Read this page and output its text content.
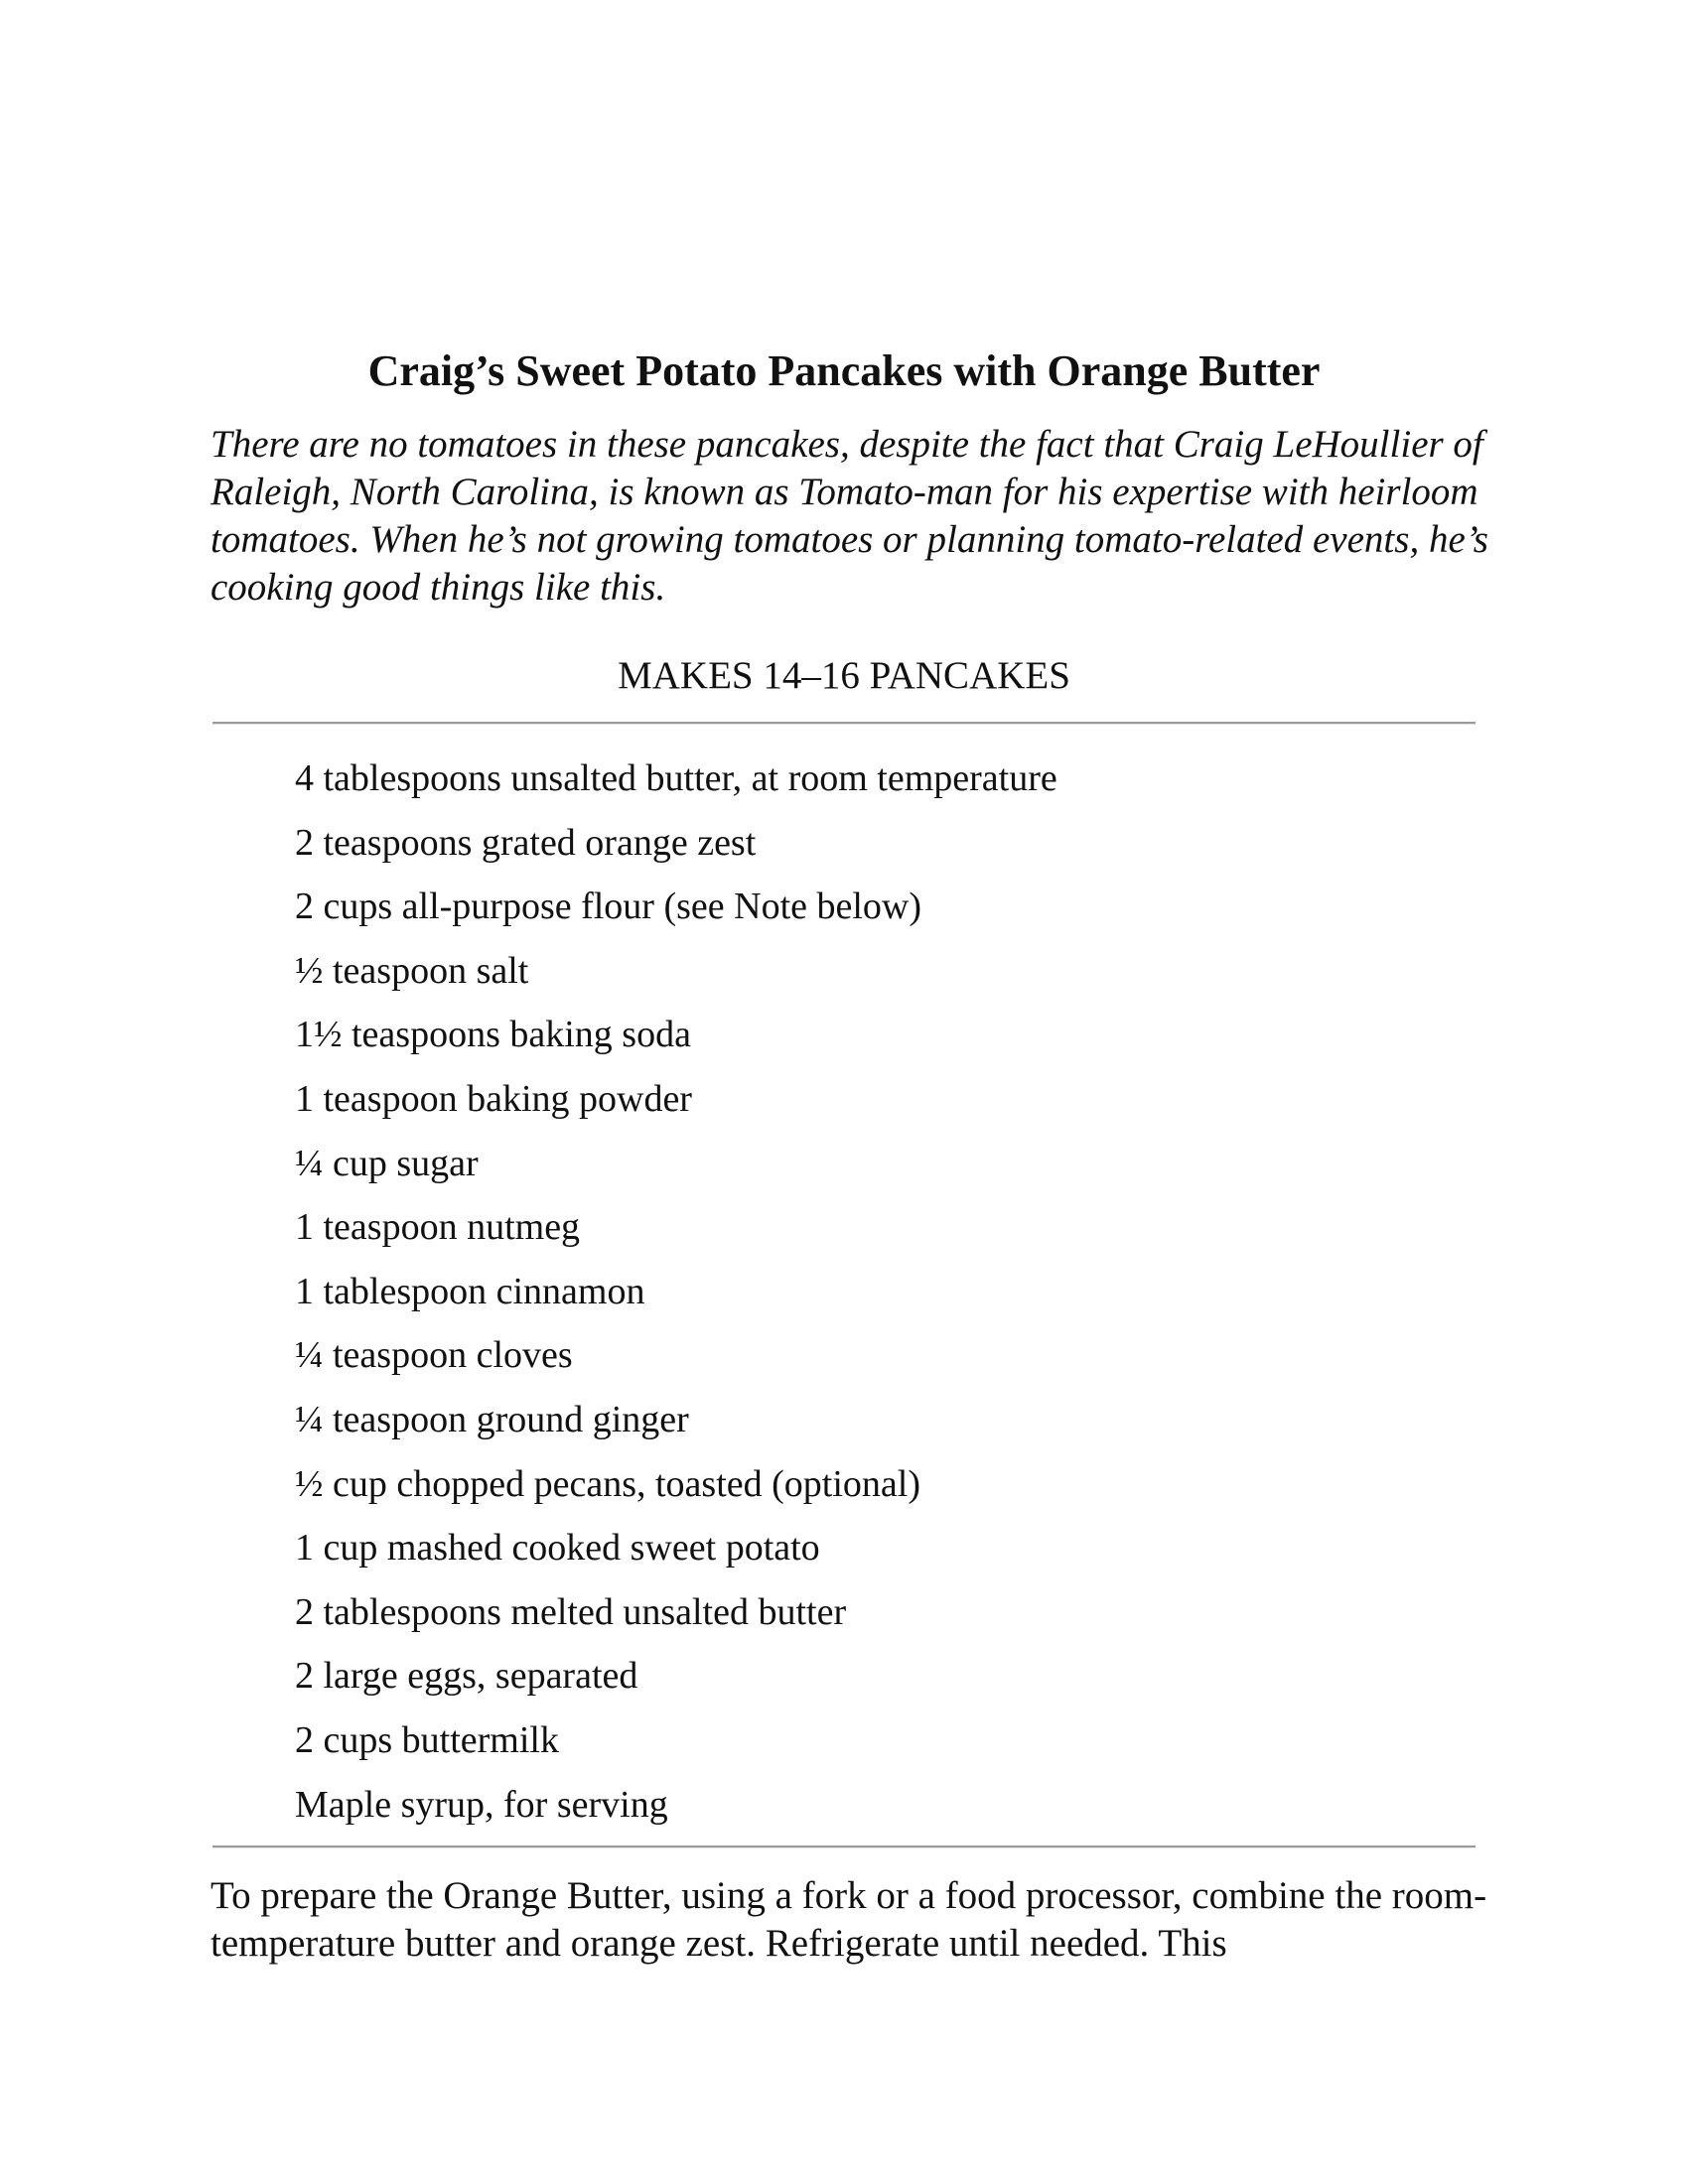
Craig’s Sweet Potato Pancakes with Orange Butter

There are no tomatoes in these pancakes, despite the fact that Craig LeHoullier of Raleigh, North Carolina, is known as Tomato-man for his expertise with heirloom tomatoes. When he’s not growing tomatoes or planning tomato-related events, he’s cooking good things like this.

MAKES 14–16 PANCAKES

4 tablespoons unsalted butter, at room temperature
2 teaspoons grated orange zest
2 cups all-purpose flour (see Note below)
½ teaspoon salt
1½ teaspoons baking soda
1 teaspoon baking powder
¼ cup sugar
1 teaspoon nutmeg
1 tablespoon cinnamon
¼ teaspoon cloves
¼ teaspoon ground ginger
½ cup chopped pecans, toasted (optional)
1 cup mashed cooked sweet potato
2 tablespoons melted unsalted butter
2 large eggs, separated
2 cups buttermilk
Maple syrup, for serving

To prepare the Orange Butter, using a fork or a food processor, combine the room-temperature butter and orange zest. Refrigerate until needed. This
